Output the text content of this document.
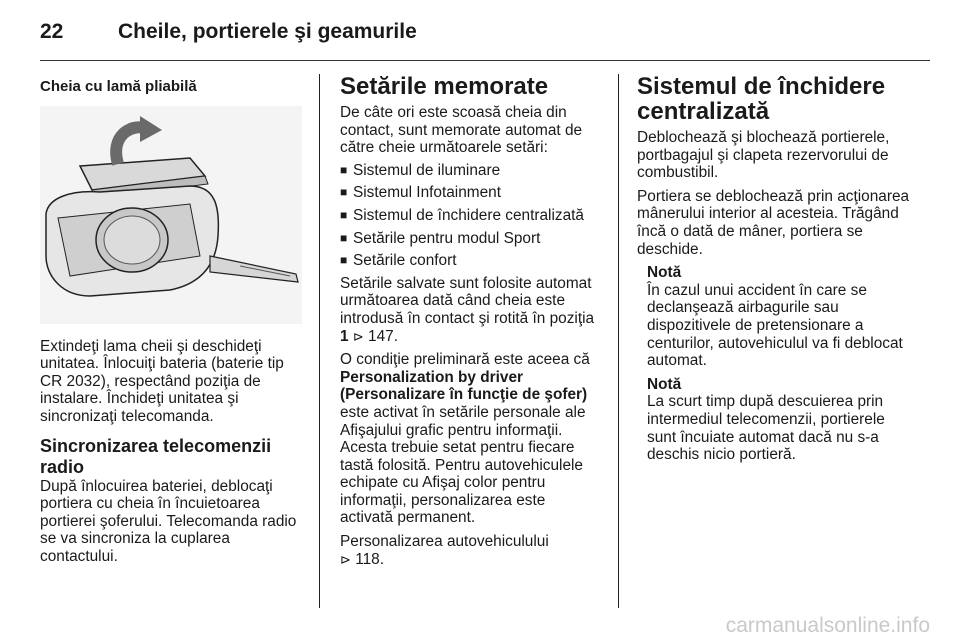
22	Cheile, portierele şi geamurile

Cheia cu lamă pliabilă

Extindeţi lama cheii şi deschideţi unitatea. Înlocuiţi bateria (baterie tip CR 2032), respectând poziţia de instalare. Închideţi unitatea şi sincronizaţi telecomanda.

Sincronizarea telecomenzii radio

După înlocuirea bateriei, deblocaţi portiera cu cheia în încuietoarea portierei şoferului. Telecomanda radio se va sincroniza la cuplarea contactului.

Setările memorate

De câte ori este scoasă cheia din contact, sunt memorate automat de către cheie următoarele setări:

■ Sistemul de iluminare
■ Sistemul Infotainment
■ Sistemul de închidere centralizată
■ Setările pentru modul Sport
■ Setările confort

Setările salvate sunt folosite automat următoarea dată când cheia este introdusă în contact şi rotită în poziţia 1 ⊳ 147.

O condiţie preliminară este aceea că
Personalization by driver
(Personalizare în funcţie de şofer)
este activat în setările personale ale Afişajului grafic pentru informaţii. Acesta trebuie setat pentru fiecare tastă folosită. Pentru autovehiculele echipate cu Afişaj color pentru informaţii, personalizarea este activată permanent.

Personalizarea autovehiculului
⊳ 118.

Sistemul de închidere centralizată

Deblochează şi blochează portierele, portbagajul şi clapeta rezervorului de combustibil.

Portiera se deblochează prin acţionarea mânerului interior al acesteia. Trăgând încă o dată de mâner, portiera se deschide.

Notă

În cazul unui accident în care se declanşează airbagurile sau dispozitivele de pretensionare a centurilor, autovehiculul va fi deblocat automat.

Notă

La scurt timp după descuierea prin intermediul telecomenzii, portierele sunt încuiate automat dacă nu s-a deschis nicio portieră.

carmanualsonline.info
